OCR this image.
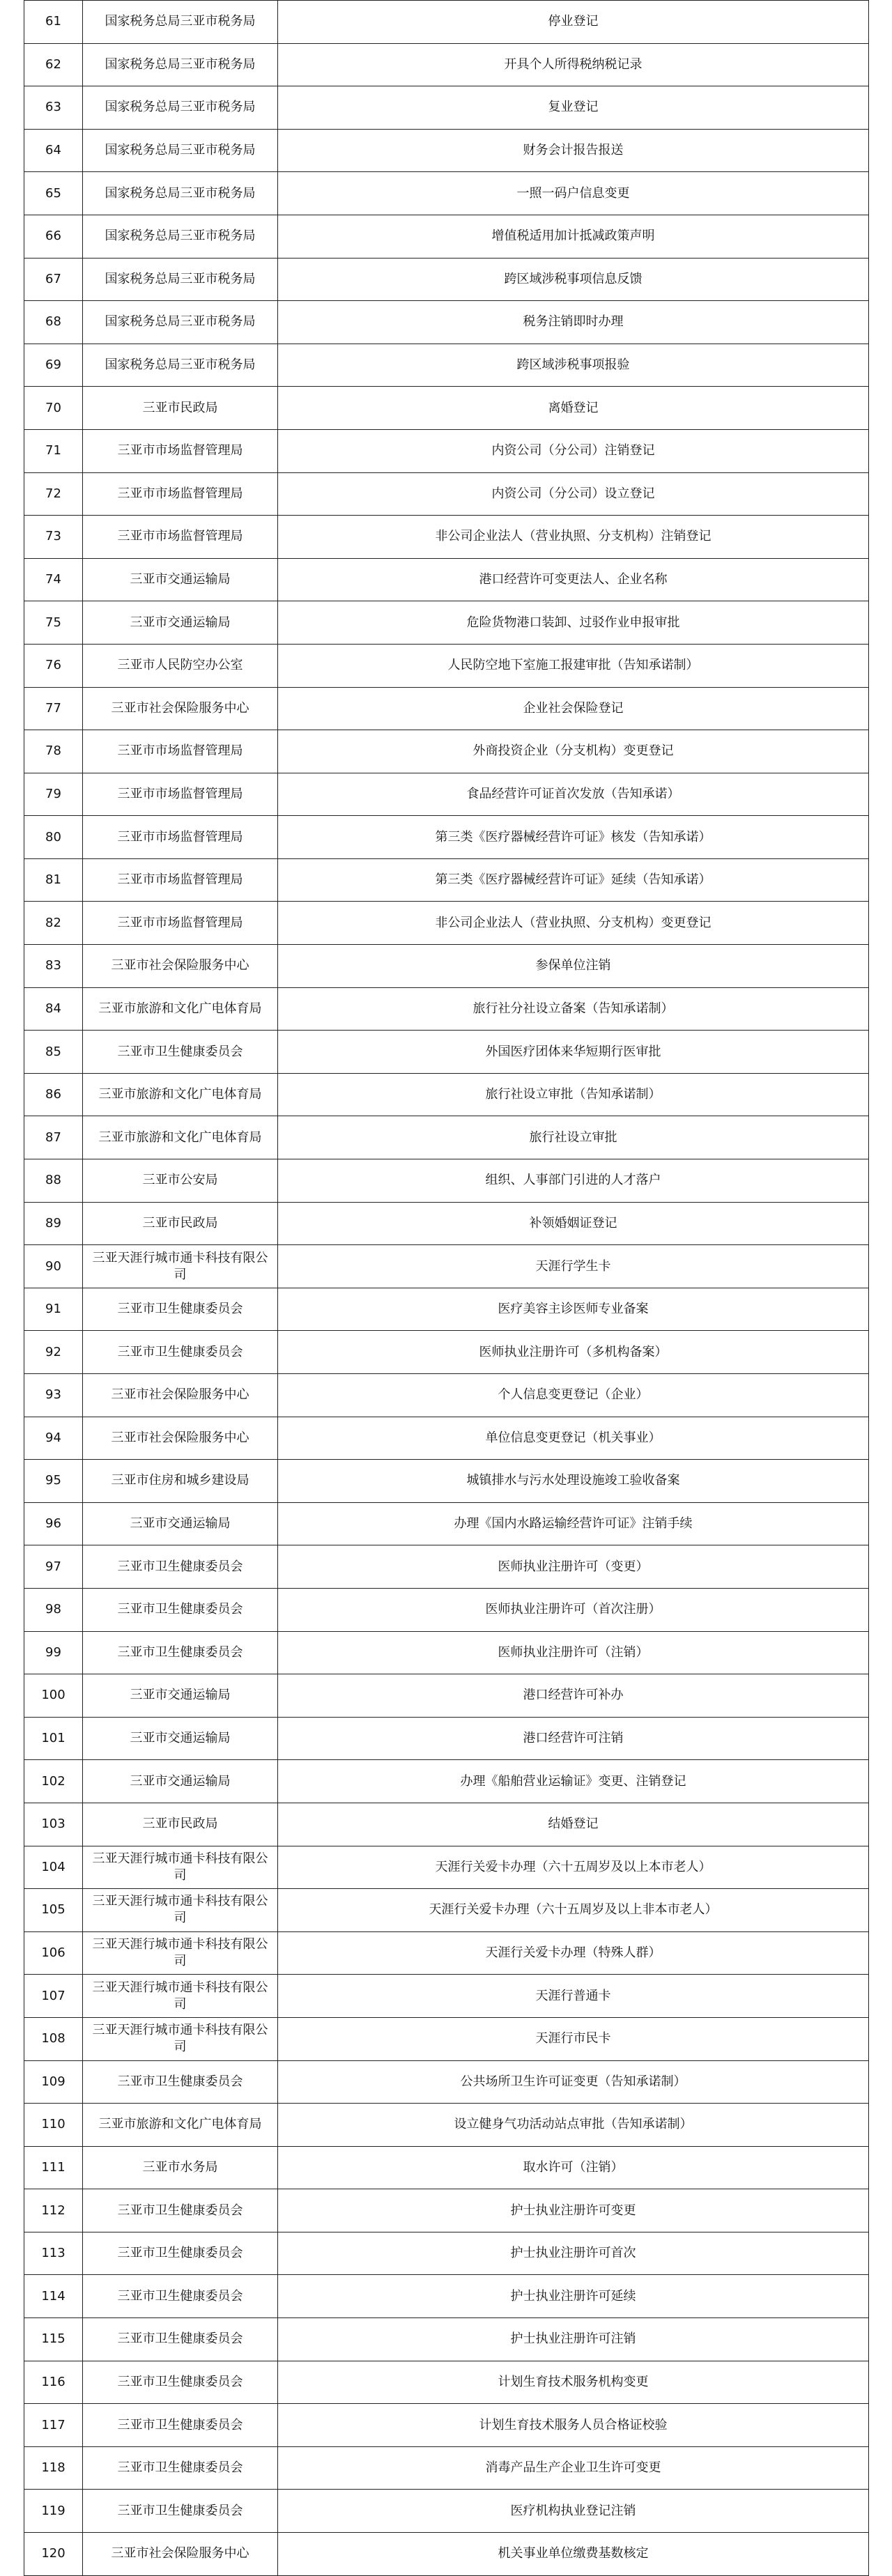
61	国家税务总局三亚市税务局	停业登记
62	国家税务总局三亚市税务局	开具个人所得税纳税记录
63	国家税务总局三亚市税务局	复业登记
64	国家税务总局三亚市税务局	财务会计报告报送
65	国家税务总局三亚市税务局	一照一码户信息变更
66	国家税务总局三亚市税务局	增值税适用加计抵减政策声明
67	国家税务总局三亚市税务局	跨区域涉税事项信息反馈
68	国家税务总局三亚市税务局	税务注销即时办理
69	国家税务总局三亚市税务局	跨区域涉税事项报验
70	三亚市民政局	离婚登记
71	三亚市市场监督管理局	内资公司（分公司）注销登记
72	三亚市市场监督管理局	内资公司（分公司）设立登记
73	三亚市市场监督管理局	非公司企业法人（营业执照、分支机构）注销登记
74	三亚市交通运输局	港口经营许可变更法人、企业名称
75	三亚市交通运输局	危险货物港口装卸、过驳作业申报审批
76	三亚市人民防空办公室	人民防空地下室施工报建审批（告知承诺制）
77	三亚市社会保险服务中心	企业社会保险登记
78	三亚市市场监督管理局	外商投资企业（分支机构）变更登记
79	三亚市市场监督管理局	食品经营许可证首次发放（告知承诺）
80	三亚市市场监督管理局	第三类《医疗器械经营许可证》核发（告知承诺）
81	三亚市市场监督管理局	第三类《医疗器械经营许可证》延续（告知承诺）
82	三亚市市场监督管理局	非公司企业法人（营业执照、分支机构）变更登记
83	三亚市社会保险服务中心	参保单位注销
84	三亚市旅游和文化广电体育局	旅行社分社设立备案（告知承诺制）
85	三亚市卫生健康委员会	外国医疗团体来华短期行医审批
86	三亚市旅游和文化广电体育局	旅行社设立审批（告知承诺制）
87	三亚市旅游和文化广电体育局	旅行社设立审批
88	三亚市公安局	组织、人事部门引进的人才落户
89	三亚市民政局	补领婚姻证登记
90	三亚天涯行城市通卡科技有限公司	天涯行学生卡
91	三亚市卫生健康委员会	医疗美容主诊医师专业备案
92	三亚市卫生健康委员会	医师执业注册许可（多机构备案）
93	三亚市社会保险服务中心	个人信息变更登记（企业）
94	三亚市社会保险服务中心	单位信息变更登记（机关事业）
95	三亚市住房和城乡建设局	城镇排水与污水处理设施竣工验收备案
96	三亚市交通运输局	办理《国内水路运输经营许可证》注销手续
97	三亚市卫生健康委员会	医师执业注册许可（变更）
98	三亚市卫生健康委员会	医师执业注册许可（首次注册）
99	三亚市卫生健康委员会	医师执业注册许可（注销）
100	三亚市交通运输局	港口经营许可补办
101	三亚市交通运输局	港口经营许可注销
102	三亚市交通运输局	办理《船舶营业运输证》变更、注销登记
103	三亚市民政局	结婚登记
104	三亚天涯行城市通卡科技有限公司	天涯行关爱卡办理（六十五周岁及以上本市老人）
105	三亚天涯行城市通卡科技有限公司	天涯行关爱卡办理（六十五周岁及以上非本市老人）
106	三亚天涯行城市通卡科技有限公司	天涯行关爱卡办理（特殊人群）
107	三亚天涯行城市通卡科技有限公司	天涯行普通卡
108	三亚天涯行城市通卡科技有限公司	天涯行市民卡
109	三亚市卫生健康委员会	公共场所卫生许可证变更（告知承诺制）
110	三亚市旅游和文化广电体育局	设立健身气功活动站点审批（告知承诺制）
111	三亚市水务局	取水许可（注销）
112	三亚市卫生健康委员会	护士执业注册许可变更
113	三亚市卫生健康委员会	护士执业注册许可首次
114	三亚市卫生健康委员会	护士执业注册许可延续
115	三亚市卫生健康委员会	护士执业注册许可注销
116	三亚市卫生健康委员会	计划生育技术服务机构变更
117	三亚市卫生健康委员会	计划生育技术服务人员合格证校验
118	三亚市卫生健康委员会	消毒产品生产企业卫生许可变更
119	三亚市卫生健康委员会	医疗机构执业登记注销
120	三亚市社会保险服务中心	机关事业单位缴费基数核定
